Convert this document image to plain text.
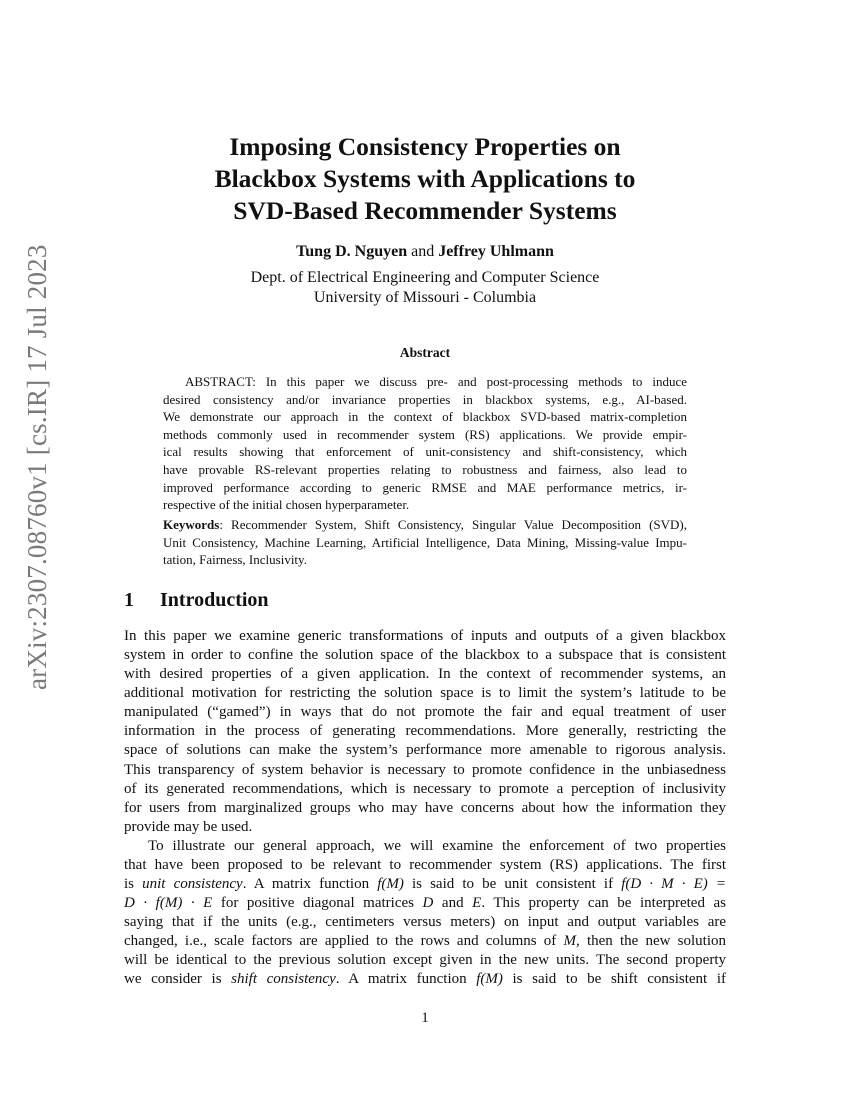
arXiv:2307.08760v1 [cs.IR] 17 Jul 2023
Imposing Consistency Properties on
Blackbox Systems with Applications to
SVD-Based Recommender Systems
Tung D. Nguyen and Jeffrey Uhlmann
Dept. of Electrical Engineering and Computer Science
University of Missouri - Columbia
Abstract
ABSTRACT: In this paper we discuss pre- and post-processing methods to induce
desired consistency and/or invariance properties in blackbox systems, e.g., AI-based.
We demonstrate our approach in the context of blackbox SVD-based matrix-completion
methods commonly used in recommender system (RS) applications. We provide empir-
ical results showing that enforcement of unit-consistency and shift-consistency, which
have provable RS-relevant properties relating to robustness and fairness, also lead to
improved performance according to generic RMSE and MAE performance metrics, ir-
respective of the initial chosen hyperparameter.
Keywords: Recommender System, Shift Consistency, Singular Value Decomposition (SVD),
Unit Consistency, Machine Learning, Artificial Intelligence, Data Mining, Missing-value Impu-
tation, Fairness, Inclusivity.
1 Introduction
In this paper we examine generic transformations of inputs and outputs of a given blackbox
system in order to confine the solution space of the blackbox to a subspace that is consistent
with desired properties of a given application. In the context of recommender systems, an
additional motivation for restricting the solution space is to limit the system’s latitude to be
manipulated (“gamed”) in ways that do not promote the fair and equal treatment of user
information in the process of generating recommendations. More generally, restricting the
space of solutions can make the system’s performance more amenable to rigorous analysis.
This transparency of system behavior is necessary to promote confidence in the unbiasedness
of its generated recommendations, which is necessary to promote a perception of inclusivity
for users from marginalized groups who may have concerns about how the information they
provide may be used.
To illustrate our general approach, we will examine the enforcement of two properties
that have been proposed to be relevant to recommender system (RS) applications. The first
is unit consistency. A matrix function f(M) is said to be unit consistent if f(D · M · E) =
D · f(M) · E for positive diagonal matrices D and E. This property can be interpreted as
saying that if the units (e.g., centimeters versus meters) on input and output variables are
changed, i.e., scale factors are applied to the rows and columns of M, then the new solution
will be identical to the previous solution except given in the new units. The second property
we consider is shift consistency. A matrix function f(M) is said to be shift consistent if
1
